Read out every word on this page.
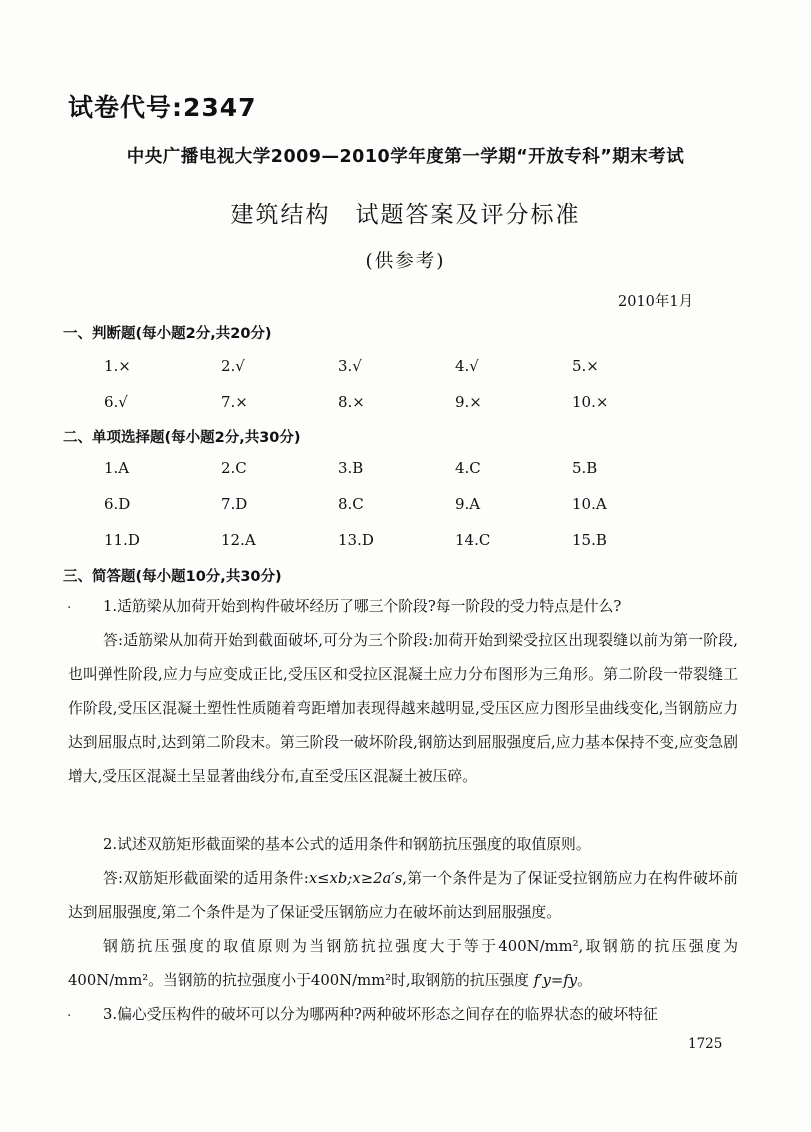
试卷代号:2347
中央广播电视大学2009—2010学年度第一学期“开放专科”期末考试
建筑结构　试题答案及评分标准
(供参考)
2010年1月
一、判断题(每小题2分,共20分)
1.×	2.√	3.√	4.√	5.×
6.√	7.×	8.×	9.×	10.×
二、单项选择题(每小题2分,共30分)
1.A	2.C	3.B	4.C	5.B
6.D	7.D	8.C	9.A	10.A
11.D	12.A	13.D	14.C	15.B
三、简答题(每小题10分,共30分)
.	1.适筋梁从加荷开始到构件破坏经历了哪三个阶段?每一阶段的受力特点是什么?
答:适筋梁从加荷开始到截面破坏,可分为三个阶段:加荷开始到梁受拉区出现裂缝以前为第一阶段,也叫弹性阶段,应力与应变成正比,受压区和受拉区混凝土应力分布图形为三角形。第二阶段一带裂缝工作阶段,受压区混凝土塑性性质随着弯距增加表现得越来越明显,受压区应力图形呈曲线变化,当钢筋应力达到屈服点时,达到第二阶段末。第三阶段一破坏阶段,钢筋达到屈服强度后,应力基本保持不变,应变急剧增大,受压区混凝土呈显著曲线分布,直至受压区混凝土被压碎。
2.试述双筋矩形截面梁的基本公式的适用条件和钢筋抗压强度的取值原则。
答:双筋矩形截面梁的适用条件:x≤xb;x≥2a′s,第一个条件是为了保证受拉钢筋应力在构件破坏前达到屈服强度,第二个条件是为了保证受压钢筋应力在破坏前达到屈服强度。
钢筋抗压强度的取值原则为当钢筋抗拉强度大于等于400N/mm²,取钢筋的抗压强度为400N/mm²。当钢筋的抗拉强度小于400N/mm²时,取钢筋的抗压强度 f′y=fy。
.	3.偏心受压构件的破坏可以分为哪两种?两种破坏形态之间存在的临界状态的破坏特征
1725
